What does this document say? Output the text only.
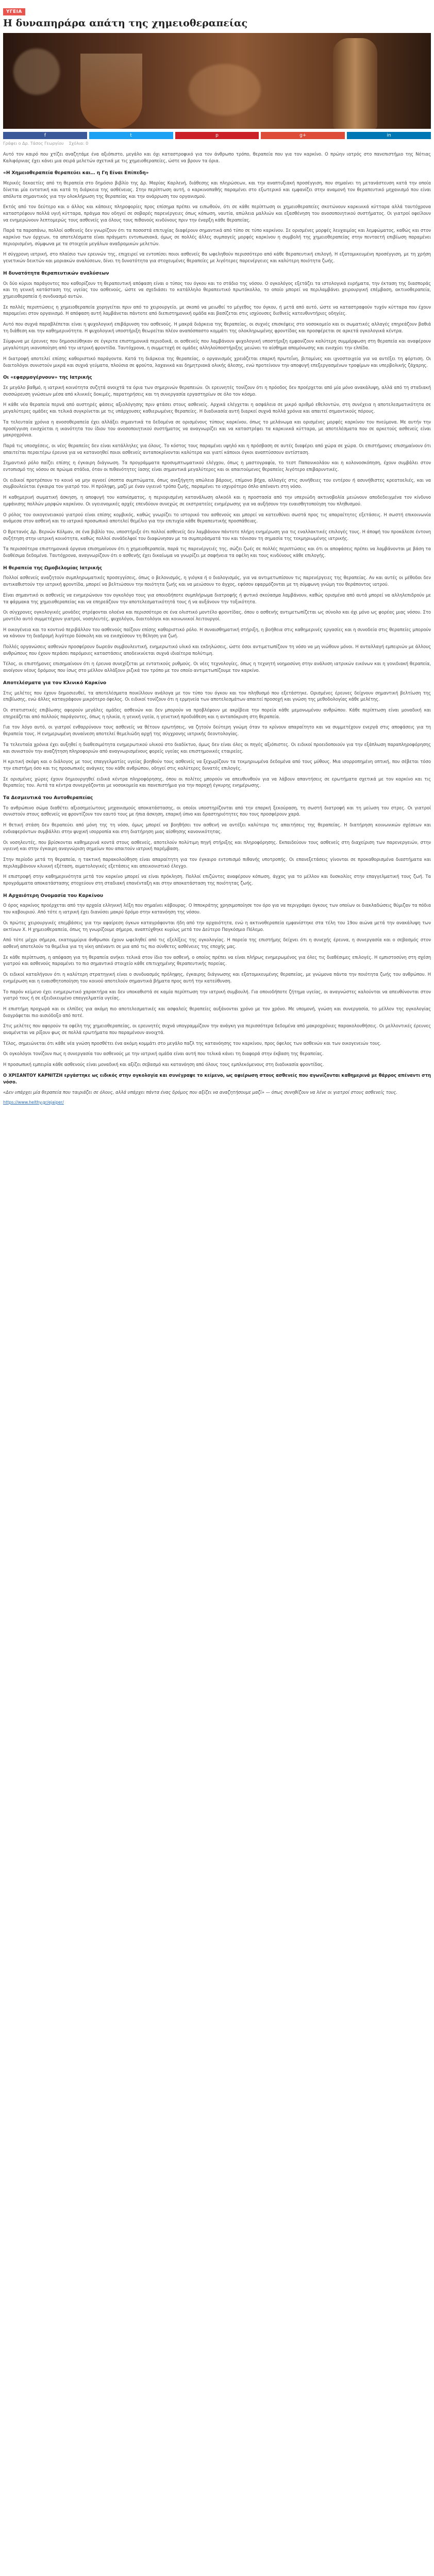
ΥΓΕΙΑ
Η δυναπηράρα απάτη της χημειοθεραπείας
f	t	p	g+	in
Γράφει ο Δρ. Τάσος Γεωργίου Σχόλια: 0

Αυτό τον καιρό που χτίζει αναζητάμε ένα αξιόπιστο, μεγάλο και όχι καταστροφικό για τον άνθρωπο τρόπο, θεραπεία που για τον καρκίνο. Ο πρώην ιατρός στο πανεπιστήμιο της Νότιας Καλιφόρνιας έχει κάνει μια σειρά μελετών σχετικά με τις χημειοθεραπείες, ώστε να βρουν τα όρια.

«Η Χημειοθεραπεία θεραπεύει και… η Γη Είναι Επίπεδη»

Μερικές δεκαετίες από τη θεραπεία στο δημόσιο βιβλίο της Δρ. Μαρίας Καρλενή, διάθεσης και πληρώσεων, και την αναπτυξιακή προσέγγιση, που σημαίνει τη μετανάστευση κατά την οποία δίνεται μία εντατική και κατά τη διάρκεια της ασθένειας. Στην περίπτωση αυτή, ο καρκινοπαθής παραμένει στο εξωτερικό και εμφανίζει στην αναμονή τον θεραπευτικό μηχανισμό που είναι απόλυτα σημαντικός για την ολοκλήρωση της θεραπείας και την ανάρρωση του οργανισμού.

Εκτός από τον δεύτερο και ο άλλος και κάποιες πληροφορίες προς επίσημα πρέπει να ειπωθούν, ότι σε κάθε περίπτωση οι χημειοθεραπείες σκοτώνουν καρκινικά κύτταρα αλλά ταυτόχρονα καταστρέφουν πολλά υγιή κύτταρα, πράγμα που οδηγεί σε σοβαρές παρενέργειες όπως κόπωση, ναυτία, απώλεια μαλλιών και εξασθένηση του ανοσοποιητικού συστήματος. Οι γιατροί οφείλουν να ενημερώνουν λεπτομερώς τους ασθενείς για όλους τους πιθανούς κινδύνους πριν την έναρξη κάθε θεραπείας.

Παρά τα παραπάνω, πολλοί ασθενείς δεν γνωρίζουν ότι τα ποσοστά επιτυχίας διαφέρουν σημαντικά από τύπο σε τύπο καρκίνου. Σε ορισμένες μορφές λευχαιμίας και λεμφώματος, καθώς και στον καρκίνο των όρχεων, τα αποτελέσματα είναι πράγματι εντυπωσιακά, όμως σε πολλές άλλες συμπαγείς μορφές καρκίνου η συμβολή της χημειοθεραπείας στην πενταετή επιβίωση παραμένει περιορισμένη, σύμφωνα με τα στοιχεία μεγάλων αναδρομικών μελετών.

Η σύγχρονη ιατρική, στο πλαίσιο των ερευνών της, επιχειρεί να εντοπίσει ποιοι ασθενείς θα ωφεληθούν περισσότερο από κάθε θεραπευτική επιλογή. Η εξατομικευμένη προσέγγιση, με τη χρήση γενετικών δεικτών και μοριακών αναλύσεων, δίνει τη δυνατότητα για στοχευμένες θεραπείες με λιγότερες παρενέργειες και καλύτερη ποιότητα ζωής.

Η δυνατότητα θεραπευτικών αναλύσεων

Οι δύο κύριοι παράγοντες που καθορίζουν τη θεραπευτική απόφαση είναι ο τύπος του όγκου και το στάδιο της νόσου. Ο ογκολόγος εξετάζει τα ιστολογικά ευρήματα, την έκταση της διασποράς και τη γενική κατάσταση της υγείας του ασθενούς, ώστε να σχεδιάσει το κατάλληλο θεραπευτικό πρωτόκολλο, το οποίο μπορεί να περιλαμβάνει χειρουργική επέμβαση, ακτινοθεραπεία, χημειοθεραπεία ή συνδυασμό αυτών.

Σε πολλές περιπτώσεις η χημειοθεραπεία χορηγείται πριν από το χειρουργείο, με σκοπό να μειωθεί το μέγεθος του όγκου, ή μετά από αυτό, ώστε να καταστραφούν τυχόν κύτταρα που έχουν παραμείνει στον οργανισμό. Η απόφαση αυτή λαμβάνεται πάντοτε από διεπιστημονική ομάδα και βασίζεται στις ισχύουσες διεθνείς κατευθυντήριες οδηγίες.

Αυτό που συχνά παραβλέπεται είναι η ψυχολογική επιβάρυνση του ασθενούς. Η μακρά διάρκεια της θεραπείας, οι συχνές επισκέψεις στο νοσοκομείο και οι σωματικές αλλαγές επηρεάζουν βαθιά τη διάθεση και την καθημερινότητα. Η ψυχολογική υποστήριξη θεωρείται πλέον αναπόσπαστο κομμάτι της ολοκληρωμένης φροντίδας και προσφέρεται σε αρκετά ογκολογικά κέντρα.

Σύμφωνα με έρευνες που δημοσιεύθηκαν σε έγκριτα επιστημονικά περιοδικά, οι ασθενείς που λαμβάνουν ψυχολογική υποστήριξη εμφανίζουν καλύτερη συμμόρφωση στη θεραπεία και αναφέρουν μεγαλύτερη ικανοποίηση από την ιατρική φροντίδα. Ταυτόχρονα, η συμμετοχή σε ομάδες αλληλοϋποστήριξης μειώνει το αίσθημα απομόνωσης και ενισχύει την ελπίδα.

Η διατροφή αποτελεί επίσης καθοριστικό παράγοντα. Κατά τη διάρκεια της θεραπείας, ο οργανισμός χρειάζεται επαρκή πρωτεΐνη, βιταμίνες και ιχνοστοιχεία για να αντέξει τη φόρτιση. Οι διαιτολόγοι συνιστούν μικρά και συχνά γεύματα, πλούσια σε φρούτα, λαχανικά και δημητριακά ολικής άλεσης, ενώ προτείνουν την αποφυγή επεξεργασμένων τροφίμων και υπερβολικής ζάχαρης.

Οι «εφαρμογέρνουν» της Ιατρικής

Σε μεγάλο βαθμό, η ιατρική κοινότητα συζητά ανοιχτά τα όρια των σημερινών θεραπειών. Οι ερευνητές τονίζουν ότι η πρόοδος δεν προέρχεται από μία μόνο ανακάλυψη, αλλά από τη σταδιακή συσσώρευση γνώσεων μέσα από κλινικές δοκιμές, παρατηρήσεις και τη συνεργασία εργαστηρίων σε όλο τον κόσμο.

Η κάθε νέα θεραπεία περνά από αυστηρές φάσεις αξιολόγησης πριν φτάσει στους ασθενείς. Αρχικά ελέγχεται η ασφάλεια σε μικρό αριθμό εθελοντών, στη συνέχεια η αποτελεσματικότητα σε μεγαλύτερες ομάδες και τελικά συγκρίνεται με τις υπάρχουσες καθιερωμένες θεραπείες. Η διαδικασία αυτή διαρκεί συχνά πολλά χρόνια και απαιτεί σημαντικούς πόρους.

Τα τελευταία χρόνια η ανοσοθεραπεία έχει αλλάξει σημαντικά τα δεδομένα σε ορισμένους τύπους καρκίνου, όπως το μελάνωμα και ορισμένες μορφές καρκίνου του πνεύμονα. Με αυτήν την προσέγγιση ενισχύεται η ικανότητα του ίδιου του ανοσοποιητικού συστήματος να αναγνωρίζει και να καταστρέφει τα καρκινικά κύτταρα, με αποτελέσματα που σε αρκετούς ασθενείς είναι μακροχρόνια.

Παρά τις υποσχέσεις, οι νέες θεραπείες δεν είναι κατάλληλες για όλους. Το κόστος τους παραμένει υψηλό και η πρόσβαση σε αυτές διαφέρει από χώρα σε χώρα. Οι επιστήμονες επισημαίνουν ότι απαιτείται περαιτέρω έρευνα για να κατανοηθεί ποιοι ασθενείς ανταποκρίνονται καλύτερα και γιατί κάποιοι όγκοι αναπτύσσουν αντίσταση.

Σημαντικό ρόλο παίζει επίσης η έγκαιρη διάγνωση. Τα προγράμματα προσυμπτωματικού ελέγχου, όπως η μαστογραφία, το τεστ Παπανικολάου και η κολονοσκόπηση, έχουν συμβάλει στον εντοπισμό της νόσου σε πρώιμα στάδια, όταν οι πιθανότητες ίασης είναι σημαντικά μεγαλύτερες και οι απαιτούμενες θεραπείες λιγότερο επιβαρυντικές.

Οι ειδικοί προτρέπουν το κοινό να μην αγνοεί ύποπτα συμπτώματα, όπως ανεξήγητη απώλεια βάρους, επίμονο βήχα, αλλαγές στις συνήθειες του εντέρου ή ασυνήθιστες κρεατοελιές, και να συμβουλεύεται έγκαιρα τον γιατρό του. Η πρόληψη, μαζί με έναν υγιεινό τρόπο ζωής, παραμένει το ισχυρότερο όπλο απέναντι στη νόσο.

Η καθημερινή σωματική άσκηση, η αποφυγή του καπνίσματος, η περιορισμένη κατανάλωση αλκοόλ και η προστασία από την υπεριώδη ακτινοβολία μειώνουν αποδεδειγμένα τον κίνδυνο εμφάνισης πολλών μορφών καρκίνου. Οι υγειονομικές αρχές επενδύουν συνεχώς σε εκστρατείες ενημέρωσης για να αυξήσουν την ευαισθητοποίηση του πληθυσμού.

Ο ρόλος του οικογενειακού γιατρού είναι επίσης κομβικός, καθώς γνωρίζει το ιστορικό του ασθενούς και μπορεί να κατευθύνει σωστά προς τις απαραίτητες εξετάσεις. Η σωστή επικοινωνία ανάμεσα στον ασθενή και το ιατρικό προσωπικό αποτελεί θεμέλιο για την επιτυχία κάθε θεραπευτικής προσπάθειας.

Ο Βρετανός Δρ. Βερνών Κόλμαν, σε ένα βιβλίο του, υποστήριξε ότι πολλοί ασθενείς δεν λαμβάνουν πάντοτε πλήρη ενημέρωση για τις εναλλακτικές επιλογές τους. Η άποψή του προκάλεσε έντονη συζήτηση στην ιατρική κοινότητα, καθώς πολλοί συνάδελφοί του διαφώνησαν με τα συμπεράσματά του και τόνισαν τη σημασία της τεκμηριωμένης ιατρικής.

Τα περισσότερα επιστημονικά όργανα επισημαίνουν ότι η χημειοθεραπεία, παρά τις παρενέργειές της, σώζει ζωές σε πολλές περιπτώσεις και ότι οι αποφάσεις πρέπει να λαμβάνονται με βάση τα διαθέσιμα δεδομένα. Ταυτόχρονα, αναγνωρίζουν ότι ο ασθενής έχει δικαίωμα να γνωρίζει με σαφήνεια τα οφέλη και τους κινδύνους κάθε επιλογής.

Η θεραπεία της Ωμοβελομίας Ιατρικής

Πολλοί ασθενείς αναζητούν συμπληρωματικές προσεγγίσεις, όπως ο βελονισμός, η γιόγκα ή ο διαλογισμός, για να αντιμετωπίσουν τις παρενέργειες της θεραπείας. Αν και αυτές οι μέθοδοι δεν αντικαθιστούν την ιατρική φροντίδα, μπορεί να βελτιώσουν την ποιότητα ζωής και να μειώσουν το άγχος, εφόσον εφαρμόζονται με τη σύμφωνη γνώμη του θεράποντος ιατρού.

Είναι σημαντικό οι ασθενείς να ενημερώνουν τον ογκολόγο τους για οποιοδήποτε συμπλήρωμα διατροφής ή φυτικό σκεύασμα λαμβάνουν, καθώς ορισμένα από αυτά μπορεί να αλληλεπιδρούν με τα φάρμακα της χημειοθεραπείας και να επηρεάζουν την αποτελεσματικότητά τους ή να αυξάνουν την τοξικότητα.

Οι σύγχρονες ογκολογικές μονάδες στρέφονται ολοένα και περισσότερο σε ένα ολιστικό μοντέλο φροντίδας, όπου ο ασθενής αντιμετωπίζεται ως σύνολο και όχι μόνο ως φορέας μιας νόσου. Στο μοντέλο αυτό συμμετέχουν γιατροί, νοσηλευτές, ψυχολόγοι, διαιτολόγοι και κοινωνικοί λειτουργοί.

Η οικογένεια και το κοντινό περιβάλλον του ασθενούς παίζουν επίσης καθοριστικό ρόλο. Η συναισθηματική στήριξη, η βοήθεια στις καθημερινές εργασίες και η συνοδεία στις θεραπείες μπορούν να κάνουν τη διαδρομή λιγότερο δύσκολη και να ενισχύσουν τη θέληση για ζωή.

Πολλές οργανώσεις ασθενών προσφέρουν δωρεάν συμβουλευτική, ενημερωτικό υλικό και εκδηλώσεις, ώστε όσοι αντιμετωπίζουν τη νόσο να μη νιώθουν μόνοι. Η ανταλλαγή εμπειριών με άλλους ανθρώπους που έχουν περάσει παρόμοιες καταστάσεις αποδεικνύεται συχνά ιδιαίτερα πολύτιμη.

Τέλος, οι επιστήμονες επισημαίνουν ότι η έρευνα συνεχίζεται με εντατικούς ρυθμούς. Οι νέες τεχνολογίες, όπως η τεχνητή νοημοσύνη στην ανάλυση ιατρικών εικόνων και η γονιδιακή θεραπεία, ανοίγουν νέους δρόμους που ίσως στο μέλλον αλλάξουν ριζικά τον τρόπο με τον οποίο αντιμετωπίζουμε τον καρκίνο.

Αποτελέσματα για τον Κλινικό Καρκίνο

Στις μελέτες που έχουν δημοσιευθεί, τα αποτελέσματα ποικίλλουν ανάλογα με τον τύπο του όγκου και τον πληθυσμό που εξετάστηκε. Ορισμένες έρευνες δείχνουν σημαντική βελτίωση της επιβίωσης, ενώ άλλες καταγράφουν μικρότερο όφελος. Οι ειδικοί τονίζουν ότι η ερμηνεία των αποτελεσμάτων απαιτεί προσοχή και γνώση της μεθοδολογίας κάθε μελέτης.

Οι στατιστικές επιβίωσης αφορούν μεγάλες ομάδες ασθενών και δεν μπορούν να προβλέψουν με ακρίβεια την πορεία κάθε μεμονωμένου ανθρώπου. Κάθε περίπτωση είναι μοναδική και επηρεάζεται από πολλούς παράγοντες, όπως η ηλικία, η γενική υγεία, η γενετική προδιάθεση και η ανταπόκριση στη θεραπεία.

Για τον λόγο αυτό, οι γιατροί ενθαρρύνουν τους ασθενείς να θέτουν ερωτήσεις, να ζητούν δεύτερη γνώμη όταν το κρίνουν απαραίτητο και να συμμετέχουν ενεργά στις αποφάσεις για τη θεραπεία τους. Η ενημερωμένη συναίνεση αποτελεί θεμελιώδη αρχή της σύγχρονης ιατρικής δεοντολογίας.

Τα τελευταία χρόνια έχει αυξηθεί η διαθεσιμότητα ενημερωτικού υλικού στο διαδίκτυο, όμως δεν είναι όλες οι πηγές αξιόπιστες. Οι ειδικοί προειδοποιούν για την εξάπλωση παραπληροφόρησης και συνιστούν την αναζήτηση πληροφοριών από αναγνωρισμένους φορείς υγείας και επιστημονικές εταιρείες.

Η κριτική σκέψη και ο διάλογος με τους επαγγελματίες υγείας βοηθούν τους ασθενείς να ξεχωρίζουν τα τεκμηριωμένα δεδομένα από τους μύθους. Μια ισορροπημένη οπτική, που σέβεται τόσο την επιστήμη όσο και τις προσωπικές ανάγκες του κάθε ανθρώπου, οδηγεί στις καλύτερες δυνατές επιλογές.

Σε ορισμένες χώρες έχουν δημιουργηθεί ειδικά κέντρα πληροφόρησης, όπου οι πολίτες μπορούν να απευθυνθούν για να λάβουν απαντήσεις σε ερωτήματα σχετικά με τον καρκίνο και τις θεραπείες του. Αυτά τα κέντρα συνεργάζονται με νοσοκομεία και πανεπιστήμια για την παροχή έγκυρης ενημέρωσης.

Τα Δεσμευτικά του Αυτοθεραπείας

Το ανθρώπινο σώμα διαθέτει αξιοσημείωτους μηχανισμούς αποκατάστασης, οι οποίοι υποστηρίζονται από την επαρκή ξεκούραση, τη σωστή διατροφή και τη μείωση του στρες. Οι γιατροί συνιστούν στους ασθενείς να φροντίζουν τον εαυτό τους με ήπια άσκηση, επαρκή ύπνο και δραστηριότητες που τους προσφέρουν χαρά.

Η θετική στάση δεν θεραπεύει από μόνη της τη νόσο, όμως μπορεί να βοηθήσει τον ασθενή να αντέξει καλύτερα τις απαιτήσεις της θεραπείας. Η διατήρηση κοινωνικών σχέσεων και ενδιαφερόντων συμβάλλει στην ψυχική ισορροπία και στη διατήρηση μιας αίσθησης κανονικότητας.

Οι νοσηλευτές, που βρίσκονται καθημερινά κοντά στους ασθενείς, αποτελούν πολύτιμη πηγή στήριξης και πληροφόρησης. Εκπαιδεύουν τους ασθενείς στη διαχείριση των παρενεργειών, στην υγιεινή και στην έγκαιρη αναγνώριση σημείων που απαιτούν ιατρική παρέμβαση.

Στην περίοδο μετά τη θεραπεία, η τακτική παρακολούθηση είναι απαραίτητη για τον έγκαιρο εντοπισμό πιθανής υποτροπής. Οι επανεξετάσεις γίνονται σε προκαθορισμένα διαστήματα και περιλαμβάνουν κλινική εξέταση, αιματολογικές εξετάσεις και απεικονιστικό έλεγχο.

Η επιστροφή στην καθημερινότητα μετά τον καρκίνο μπορεί να είναι πρόκληση. Πολλοί επιζώντες αναφέρουν κόπωση, άγχος για το μέλλον και δυσκολίες στην επαγγελματική τους ζωή. Τα προγράμματα αποκατάστασης στοχεύουν στη σταδιακή επανένταξη και στην αποκατάσταση της ποιότητας ζωής.

Η Αρχαιότερη Ονομασία του Καρκίνου

Ο όρος καρκίνος προέρχεται από την αρχαία ελληνική λέξη που σημαίνει κάβουρας. Ο Ιπποκράτης χρησιμοποίησε τον όρο για να περιγράψει όγκους των οποίων οι διακλαδώσεις θύμιζαν τα πόδια του καβουριού. Από τότε η ιατρική έχει διανύσει μακρύ δρόμο στην κατανόηση της νόσου.

Οι πρώτες χειρουργικές επεμβάσεις για την αφαίρεση όγκων καταγράφονται ήδη από την αρχαιότητα, ενώ η ακτινοθεραπεία εμφανίστηκε στα τέλη του 19ου αιώνα μετά την ανακάλυψη των ακτίνων Χ. Η χημειοθεραπεία, όπως τη γνωρίζουμε σήμερα, αναπτύχθηκε κυρίως μετά τον Δεύτερο Παγκόσμιο Πόλεμο.

Από τότε μέχρι σήμερα, εκατομμύρια άνθρωποι έχουν ωφεληθεί από τις εξελίξεις της ογκολογίας. Η πορεία της επιστήμης δείχνει ότι η συνεχής έρευνα, η συνεργασία και ο σεβασμός στον ασθενή αποτελούν τα θεμέλια για τη νίκη απέναντι σε μια από τις πιο σύνθετες ασθένειες της εποχής μας.

Σε κάθε περίπτωση, η απόφαση για τη θεραπεία ανήκει τελικά στον ίδιο τον ασθενή, ο οποίος πρέπει να είναι πλήρως ενημερωμένος για όλες τις διαθέσιμες επιλογές. Η εμπιστοσύνη στη σχέση γιατρού και ασθενούς παραμένει το πιο σημαντικό στοιχείο κάθε επιτυχημένης θεραπευτικής πορείας.

Οι ειδικοί καταλήγουν ότι η καλύτερη στρατηγική είναι ο συνδυασμός πρόληψης, έγκαιρης διάγνωσης και εξατομικευμένης θεραπείας, με γνώμονα πάντα την ποιότητα ζωής του ανθρώπου. Η ενημέρωση και η ευαισθητοποίηση του κοινού αποτελούν σημαντικά βήματα προς αυτή την κατεύθυνση.

Το παρόν κείμενο έχει ενημερωτικό χαρακτήρα και δεν υποκαθιστά σε καμία περίπτωση την ιατρική συμβουλή. Για οποιοδήποτε ζήτημα υγείας, οι αναγνώστες καλούνται να απευθύνονται στον γιατρό τους ή σε εξειδικευμένο επαγγελματία υγείας.

Η επιστήμη προχωρά και οι ελπίδες για ακόμη πιο αποτελεσματικές και ασφαλείς θεραπείες αυξάνονται χρόνο με τον χρόνο. Με υπομονή, γνώση και συνεργασία, το μέλλον της ογκολογίας διαγράφεται πιο αισιόδοξο από ποτέ.

Στις μελέτες που αφορούν τα οφέλη της χημειοθεραπείας, οι ερευνητές συχνά υπογραμμίζουν την ανάγκη για περισσότερα δεδομένα από μακροχρόνιες παρακολουθήσεις. Οι μελλοντικές έρευνες αναμένεται να ρίξουν φως σε πολλά ερωτήματα που παραμένουν ανοιχτά.

Τέλος, σημειώνεται ότι κάθε νέα γνώση προσθέτει ένα ακόμη κομμάτι στο μεγάλο παζλ της κατανόησης του καρκίνου, προς όφελος των ασθενών και των οικογενειών τους.

Οι ογκολόγοι τονίζουν πως η συνεργασία του ασθενούς με την ιατρική ομάδα είναι αυτή που τελικά κάνει τη διαφορά στην έκβαση της θεραπείας.

Η προσωπική εμπειρία κάθε ασθενούς είναι μοναδική και αξίζει σεβασμό και κατανόηση από όλους τους εμπλεκόμενους στη διαδικασία φροντίδας.

Ο ΧΡΙΣΑΝΤΟΥ ΚΑΡΝΙΤΖΗ εργάστηκε ως ειδικός στην ογκολογία και συνέγραψε το κείμενο, ως αφιέρωση στους ασθενείς που αγωνίζονται καθημερινά με θάρρος απέναντι στη νόσο.

«Δεν υπάρχει μία θεραπεία που ταιριάζει σε όλους, αλλά υπάρχει πάντα ένας δρόμος που αξίζει να αναζητήσουμε μαζί» — όπως συνηθίζουν να λένε οι γιατροί στους ασθενείς τους.

https://www.helthy.gr/ejaiper/
